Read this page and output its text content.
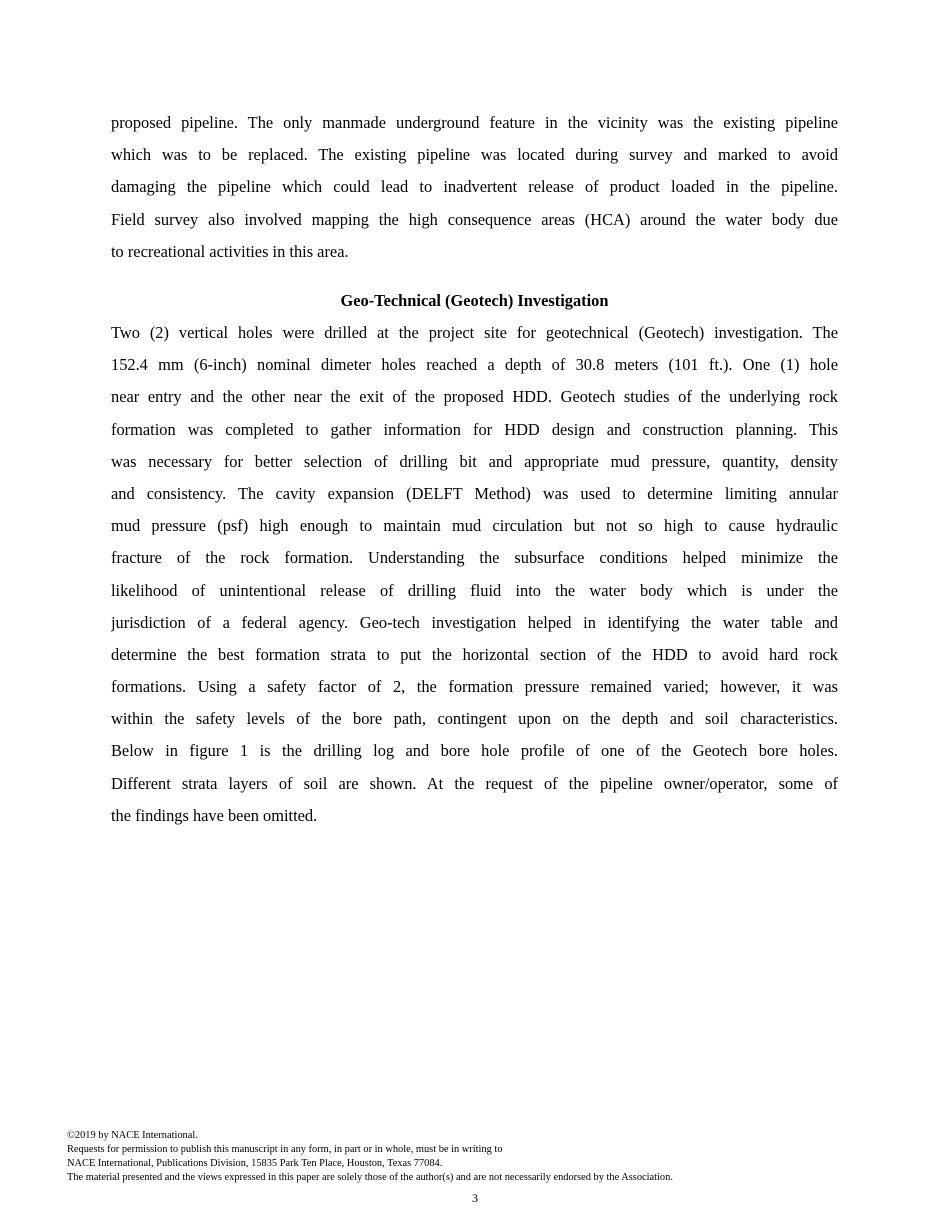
proposed pipeline. The only manmade underground feature in the vicinity was the existing pipeline
which was to be replaced. The existing pipeline was located during survey and marked to avoid
damaging the pipeline which could lead to inadvertent release of product loaded in the pipeline.
Field survey also involved mapping the high consequence areas (HCA) around the water body due
to recreational activities in this area.
Geo-Technical (Geotech) Investigation
Two (2) vertical holes were drilled at the project site for geotechnical (Geotech) investigation. The
152.4 mm (6-inch) nominal dimeter holes reached a depth of 30.8 meters (101 ft.). One (1) hole
near entry and the other near the exit of the proposed HDD. Geotech studies of the underlying rock
formation was completed to gather information for HDD design and construction planning. This
was necessary for better selection of drilling bit and appropriate mud pressure, quantity, density
and consistency. The cavity expansion (DELFT Method) was used to determine limiting annular
mud pressure (psf) high enough to maintain mud circulation but not so high to cause hydraulic
fracture of the rock formation. Understanding the subsurface conditions helped minimize the
likelihood of unintentional release of drilling fluid into the water body which is under the
jurisdiction of a federal agency. Geo-tech investigation helped in identifying the water table and
determine the best formation strata to put the horizontal section of the HDD to avoid hard rock
formations. Using a safety factor of 2, the formation pressure remained varied; however, it was
within the safety levels of the bore path, contingent upon on the depth and soil characteristics.
Below in figure 1 is the drilling log and bore hole profile of one of the Geotech bore holes.
Different strata layers of soil are shown. At the request of the pipeline owner/operator, some of
the findings have been omitted.
©2019 by NACE International.
Requests for permission to publish this manuscript in any form, in part or in whole, must be in writing to
NACE International, Publications Division, 15835 Park Ten Place, Houston, Texas 77084.
The material presented and the views expressed in this paper are solely those of the author(s) and are not necessarily endorsed by the Association.
3
